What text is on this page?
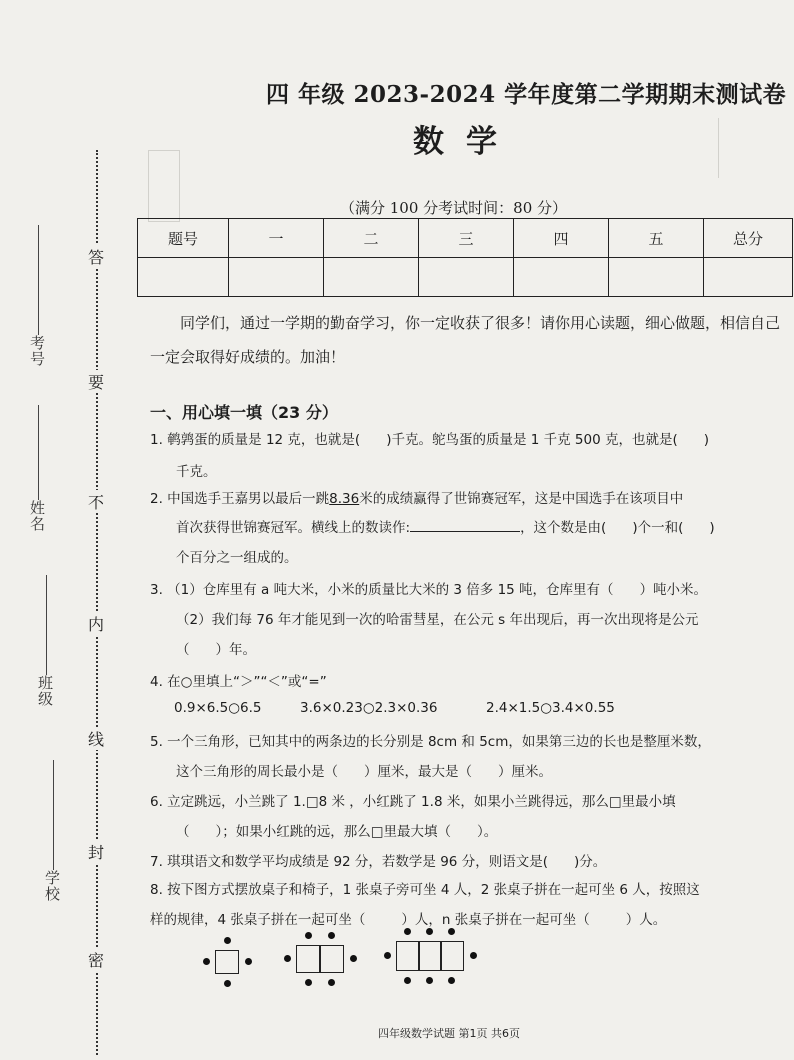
考号
姓名
班级
学校
答
要
不
内
线
封
密
四 年级 2023-2024 学年度第二学期期末测试卷
数学
（满分 100 分考试时间：80 分）
题号	一	二	三	四	五	总分

同学们，通过一学期的勤奋学习，你一定收获了很多！请你用心读题，细心做题，相信自己一定会取得好成绩的。加油！
一、用心填一填（23 分）
1. 鹌鹑蛋的质量是 12 克，也就是( )千克。鸵鸟蛋的质量是 1 千克 500 克，也就是( )
千克。
2. 中国选手王嘉男以最后一跳8.36米的成绩赢得了世锦赛冠军，这是中国选手在该项目中
首次获得世锦赛冠军。横线上的数读作:	，这个数是由( )个一和( )
个百分之一组成的。
3. （1）仓库里有 a 吨大米，小米的质量比大米的 3 倍多 15 吨，仓库里有（ ）吨小米。
（2）我们每 76 年才能见到一次的哈雷彗星，在公元 s 年出现后，再一次出现将是公元
（ ）年。
4. 在○里填上“＞”“＜”或“=”
0.9×6.5○6.5	3.6×0.23○2.3×0.36	2.4×1.5○3.4×0.55
5. 一个三角形，已知其中的两条边的长分别是 8cm 和 5cm，如果第三边的长也是整厘米数，
这个三角形的周长最小是（ ）厘米，最大是（ ）厘米。
6. 立定跳远，小兰跳了 1.□8 米 ，小红跳了 1.8 米，如果小兰跳得远，那么□里最小填
（ ）；如果小红跳的远，那么□里最大填（ ）。
7. 琪琪语文和数学平均成绩是 92 分，若数学是 96 分，则语文是( )分。
8. 按下图方式摆放桌子和椅子，1 张桌子旁可坐 4 人，2 张桌子拼在一起可坐 6 人，按照这
样的规律，4 张桌子拼在一起可坐（	）人，n 张桌子拼在一起可坐（	）人。
四年级数学试题 第1页 共6页
